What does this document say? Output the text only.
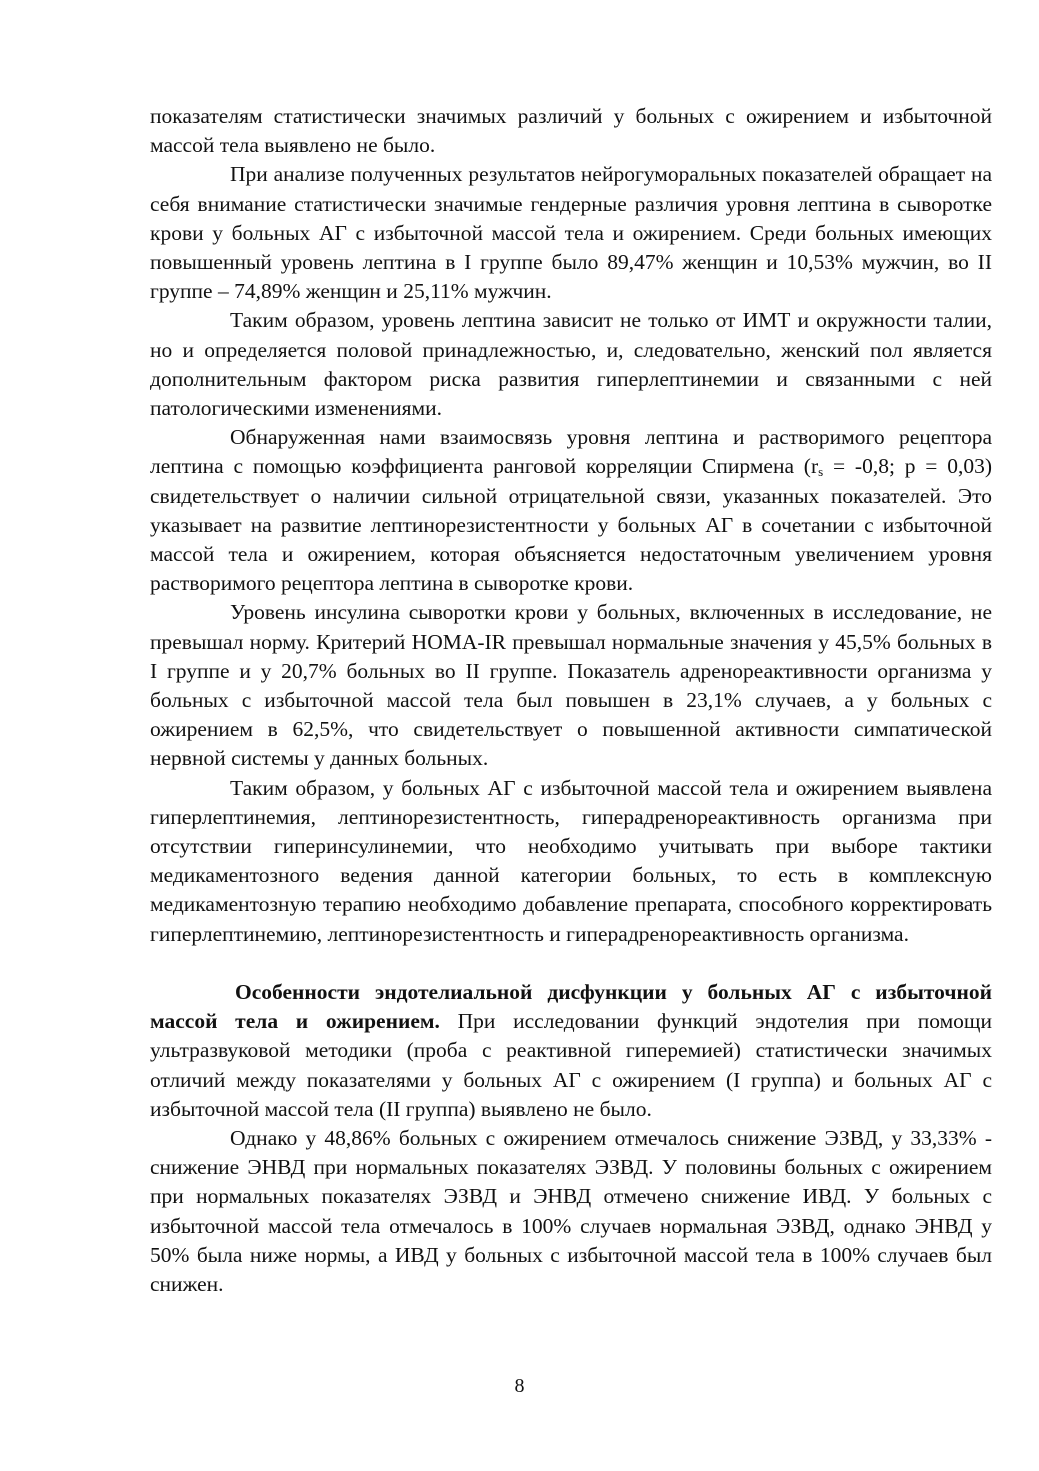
показателям статистически значимых различий у больных с ожирением и избыточной массой тела выявлено не было.

При анализе полученных результатов нейрогуморальных показателей обращает на себя внимание статистически значимые гендерные различия уровня лептина в сыворотке крови у больных АГ с избыточной массой тела и ожирением. Среди больных имеющих повышенный уровень лептина в I группе было 89,47% женщин и 10,53% мужчин, во II группе – 74,89% женщин и 25,11% мужчин.

Таким образом, уровень лептина зависит не только от ИМТ и окружности талии, но и определяется половой принадлежностью, и, следовательно, женский пол является дополнительным фактором риска развития гиперлептинемии и связанными с ней патологическими изменениями.

Обнаруженная нами взаимосвязь уровня лептина и растворимого рецептора лептина с помощью коэффициента ранговой корреляции Спирмена ($r_s = -0,8$; p = 0,03) свидетельствует о наличии сильной отрицательной связи, указанных показателей. Это указывает на развитие лептинорезистентности у больных АГ в сочетании с избыточной массой тела и ожирением, которая объясняется недостаточным увеличением уровня растворимого рецептора лептина в сыворотке крови.

Уровень инсулина сыворотки крови у больных, включенных в исследование, не превышал норму. Критерий HOMA-IR превышал нормальные значения у 45,5% больных в I группе и у 20,7% больных во II группе. Показатель адренореактивности организма у больных с избыточной массой тела был повышен в 23,1% случаев, а у больных с ожирением в 62,5%, что свидетельствует о повышенной активности симпатической нервной системы у данных больных.

Таким образом, у больных АГ с избыточной массой тела и ожирением выявлена гиперлептинемия, лептинорезистентность, гиперадренореактивность организма при отсутствии гиперинсулинемии, что необходимо учитывать при выборе тактики медикаментозного ведения данной категории больных, то есть в комплексную медикаментозную терапию необходимо добавление препарата, способного корректировать гиперлептинемию, лептинорезистентность и гиперадренореактивность организма.

Особенности эндотелиальной дисфункции у больных АГ с избыточной массой тела и ожирением. При исследовании функций эндотелия при помощи ультразвуковой методики (проба с реактивной гиперемией) статистически значимых отличий между показателями у больных АГ с ожирением (I группа) и больных АГ с избыточной массой тела (II группа) выявлено не было.

Однако у 48,86% больных с ожирением отмечалось снижение ЭЗВД, у 33,33% - снижение ЭНВД при нормальных показателях ЭЗВД. У половины больных с ожирением при нормальных показателях ЭЗВД и ЭНВД отмечено снижение ИВД. У больных с избыточной массой тела отмечалось в 100% случаев нормальная ЭЗВД, однако ЭНВД у 50% была ниже нормы, а ИВД у больных с избыточной массой тела в 100% случаев был снижен.

8
